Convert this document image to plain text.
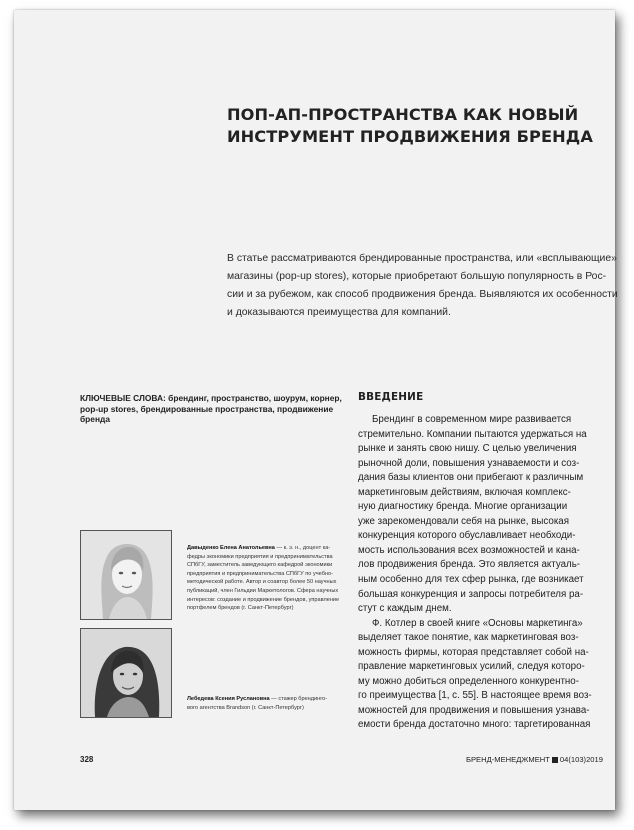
ПОП-АП-ПРОСТРАНСТВА КАК НОВЫЙ
ИНСТРУМЕНТ ПРОДВИЖЕНИЯ БРЕНДА
В статье рассматриваются брендированные пространства, или «всплывающие»
магазины (pop-up stores), которые приобретают большую популярность в Рос-
сии и за рубежом, как способ продвижения бренда. Выявляются их особенности
и доказываются преимущества для компаний.
КЛЮЧЕВЫЕ СЛОВА: брендинг, пространство, шоурум, корнер,
pop-up stores, брендированные пространства, продвижение
бренда
Давыденко Елена Анатольевна — к. э. н., доцент ка-
федры экономики предприятия и предпринимательства
СПбГУ, заместитель заведующего кафедрой экономики
предприятия и предпринимательства СПбГУ по учебно-
методической работе. Автор и соавтор более 50 научных
публикаций, член Гильдии Маркетологов. Сфера научных
интересов: создание и продвижение брендов, управление
портфелем брендов (г. Санкт-Петербург)
Лебедева Ксения Руслановна — стажер брендинго-
вого агентства Brandson (г. Санкт-Петербург)
ВВЕДЕНИЕ
Брендинг в современном мире развивается
стремительно. Компании пытаются удержаться на
рынке и занять свою нишу. С целью увеличения
рыночной доли, повышения узнаваемости и соз-
дания базы клиентов они прибегают к различным
маркетинговым действиям, включая комплекс-
ную диагностику бренда. Многие организации
уже зарекомендовали себя на рынке, высокая
конкуренция которого обуславливает необходи-
мость использования всех возможностей и кана-
лов продвижения бренда. Это является актуаль-
ным особенно для тех сфер рынка, где возникает
большая конкуренция и запросы потребителя ра-
стут с каждым днем.
Ф. Котлер в своей книге «Основы маркетинга»
выделяет такое понятие, как маркетинговая воз-
можность фирмы, которая представляет собой на-
правление маркетинговых усилий, следуя которо-
му можно добиться определенного конкурентно-
го преимущества [1, с. 55]. В настоящее время воз-
можностей для продвижения и повышения узнава-
емости бренда достаточно много: таргетированная
328	БРЕНД-МЕНЕДЖМЕНТ 04(103)2019
